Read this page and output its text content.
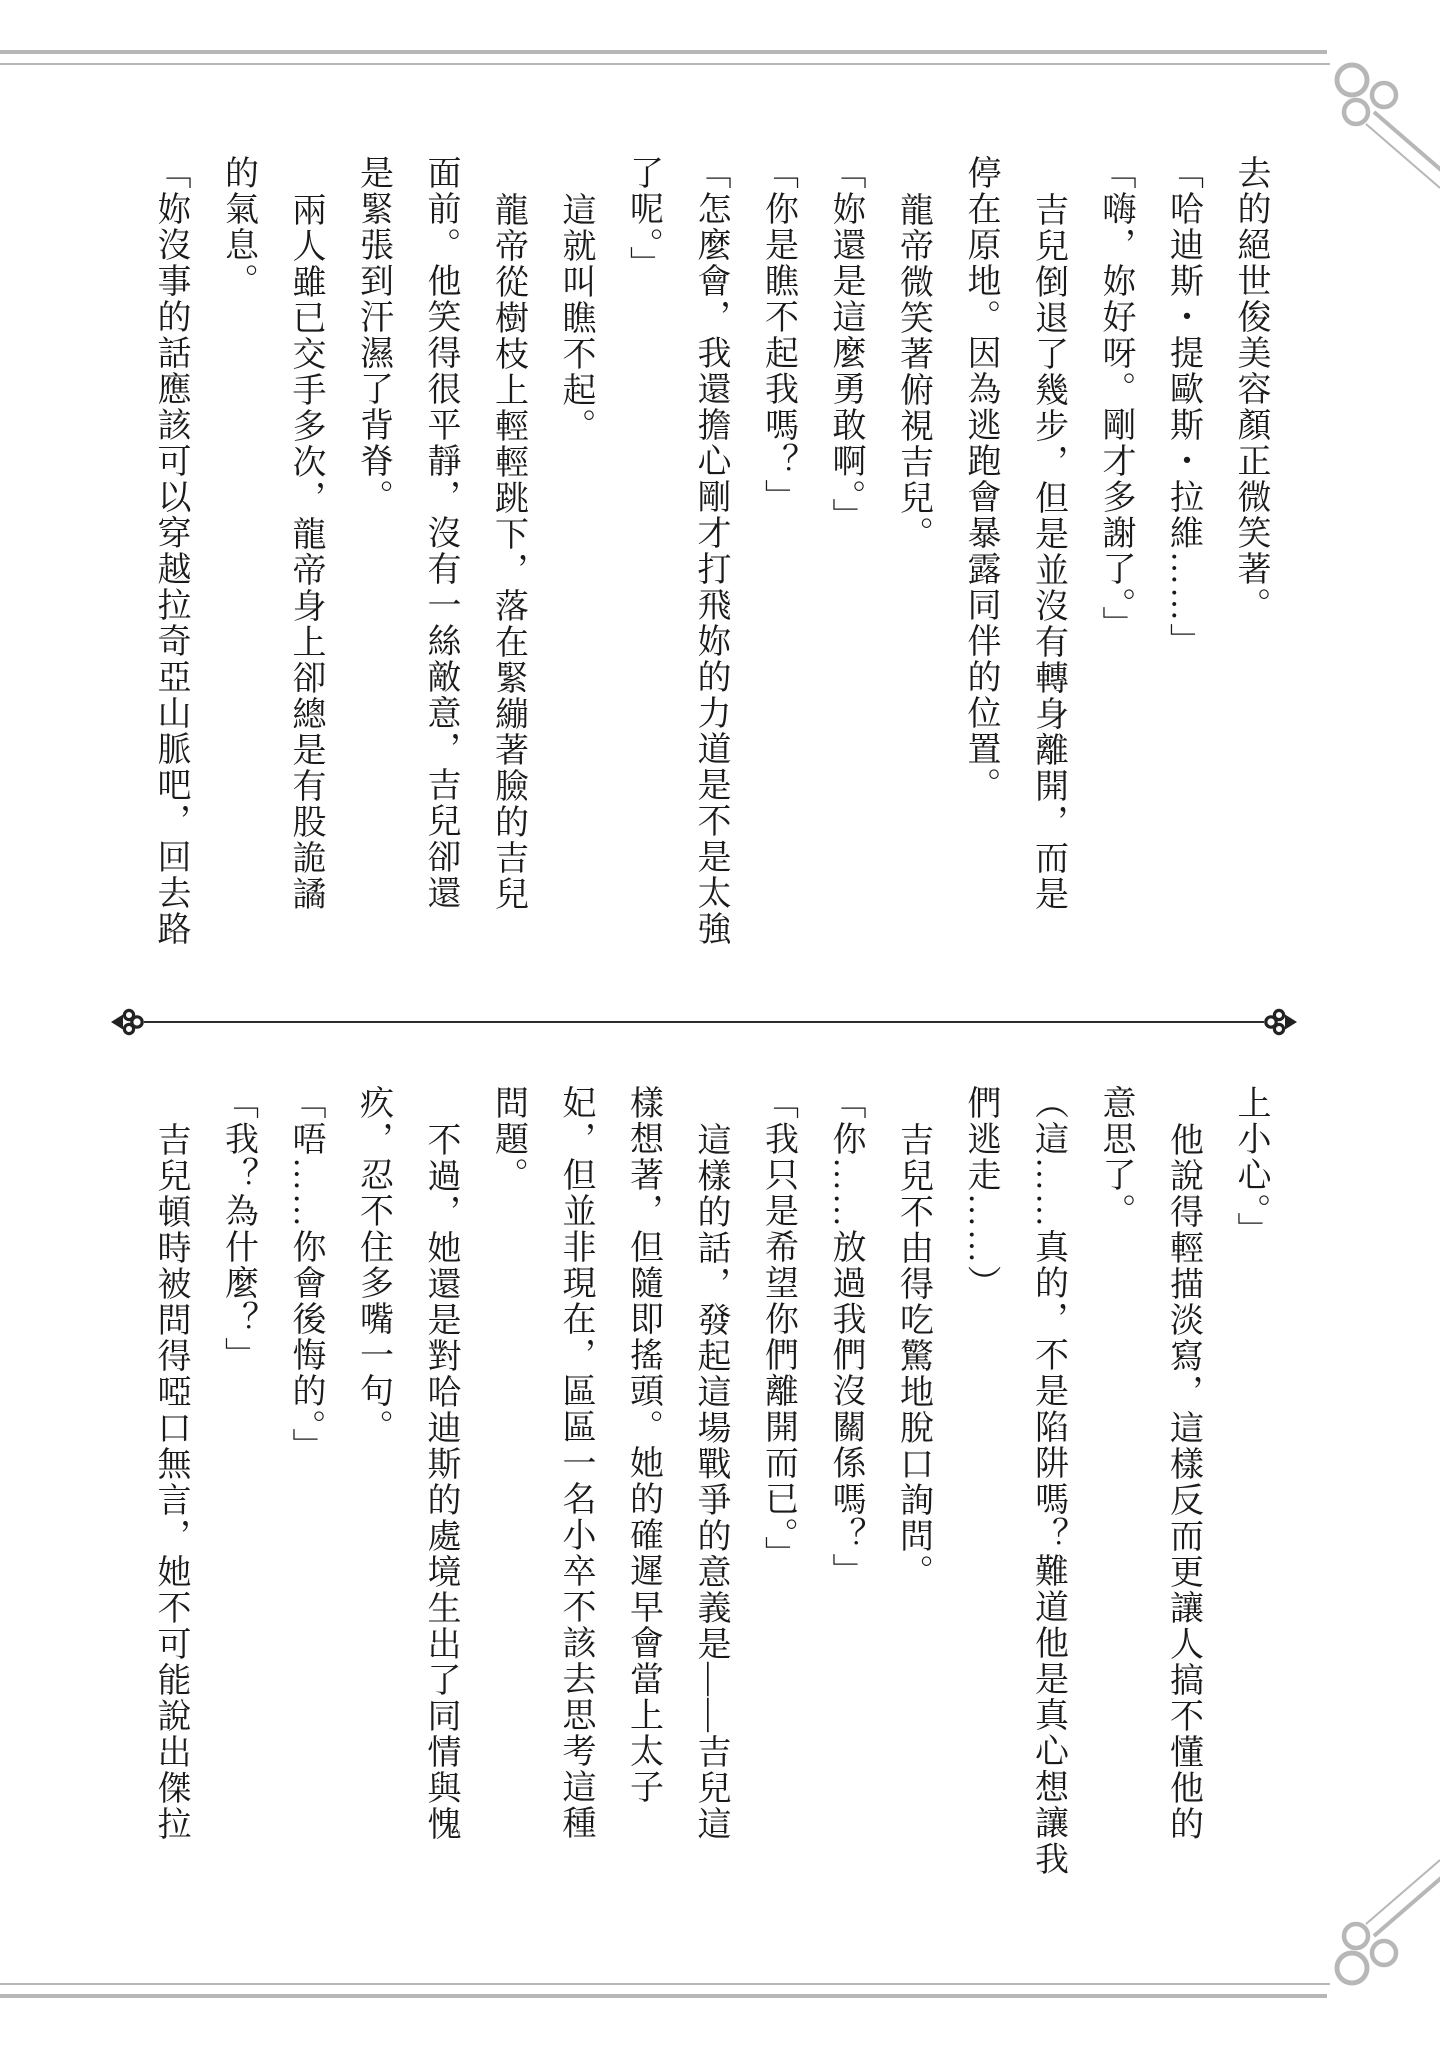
去的絕世俊美容顏正微笑著。

「哈迪斯・提歐斯・拉維……」

「嗨，妳好呀。剛才多謝了。」

吉兒倒退了幾步，但是並沒有轉身離開，而是

停在原地。因為逃跑會暴露同伴的位置。

龍帝微笑著俯視吉兒。

「妳還是這麼勇敢啊。」

「你是瞧不起我嗎？」

「怎麼會，我還擔心剛才打飛妳的力道是不是太強

了呢。」

這就叫瞧不起。

龍帝從樹枝上輕輕跳下，落在緊繃著臉的吉兒

面前。他笑得很平靜，沒有一絲敵意，吉兒卻還

是緊張到汗濕了背脊。

兩人雖已交手多次，龍帝身上卻總是有股詭譎

的氣息。

「妳沒事的話應該可以穿越拉奇亞山脈吧，回去路

上小心。」

他說得輕描淡寫，這樣反而更讓人搞不懂他的

意思了。

（這……真的，不是陷阱嗎？難道他是真心想讓我

們逃走……）

吉兒不由得吃驚地脫口詢問。

「你……放過我們沒關係嗎？」

「我只是希望你們離開而已。」

這樣的話，發起這場戰爭的意義是——吉兒這

樣想著，但隨即搖頭。她的確遲早會當上太子

妃，但並非現在，區區一名小卒不該去思考這種

問題。

不過，她還是對哈迪斯的處境生出了同情與愧

疚，忍不住多嘴一句。

「唔……你會後悔的。」

「我？為什麼？」

吉兒頓時被問得啞口無言，她不可能說出傑拉
